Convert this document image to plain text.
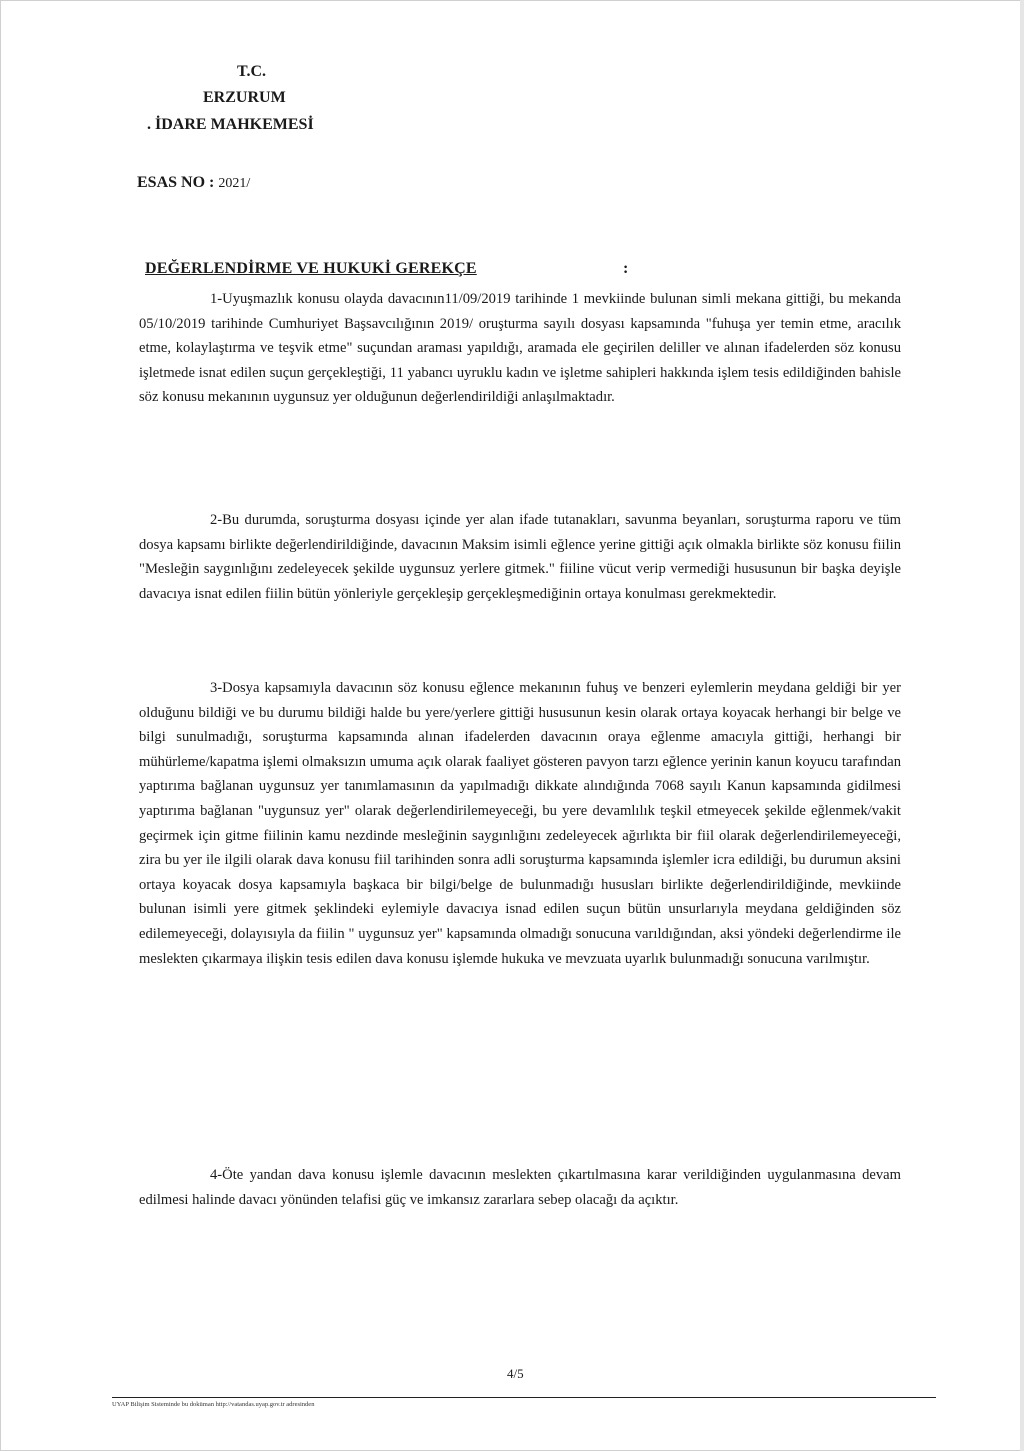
T.C.
ERZURUM
. İDARE MAHKEMESİ
ESAS NO : 2021/
DEĞERLENDİRME VE HUKUKİ GEREKÇE	:

1-Uyuşmazlık konusu olayda davacının11/09/2019 tarihinde 1 mevkiinde bulunan simli mekana gittiği, bu mekanda 05/10/2019 tarihinde Cumhuriyet Başsavcılığının 2019/ oruşturma sayılı dosyası kapsamında "fuhuşa yer temin etme, aracılık etme, kolaylaştırma ve teşvik etme" suçundan araması yapıldığı, aramada ele geçirilen deliller ve alınan ifadelerden söz konusu işletmede isnat edilen suçun gerçekleştiği, 11 yabancı uyruklu kadın ve işletme sahipleri hakkında işlem tesis edildiğinden bahisle söz konusu mekanının uygunsuz yer olduğunun değerlendirildiği anlaşılmaktadır.

2-Bu durumda, soruşturma dosyası içinde yer alan ifade tutanakları, savunma beyanları, soruşturma raporu ve tüm dosya kapsamı birlikte değerlendirildiğinde, davacının Maksim isimli eğlence yerine gittiği açık olmakla birlikte söz konusu fiilin "Mesleğin saygınlığını zedeleyecek şekilde uygunsuz yerlere gitmek." fiiline vücut verip vermediği hususunun bir başka deyişle davacıya isnat edilen fiilin bütün yönleriyle gerçekleşip gerçekleşmediğinin ortaya konulması gerekmektedir.

3-Dosya kapsamıyla davacının söz konusu eğlence mekanının fuhuş ve benzeri eylemlerin meydana geldiği bir yer olduğunu bildiği ve bu durumu bildiği halde bu yere/yerlere gittiği hususunun kesin olarak ortaya koyacak herhangi bir belge ve bilgi sunulmadığı, soruşturma kapsamında alınan ifadelerden davacının oraya eğlenme amacıyla gittiği, herhangi bir mühürleme/kapatma işlemi olmaksızın umuma açık olarak faaliyet gösteren pavyon tarzı eğlence yerinin kanun koyucu tarafından yaptırıma bağlanan uygunsuz yer tanımlamasının da yapılmadığı dikkate alındığında 7068 sayılı Kanun kapsamında gidilmesi yaptırıma bağlanan "uygunsuz yer" olarak değerlendirilemeyeceği, bu yere devamlılık teşkil etmeyecek şekilde eğlenmek/vakit geçirmek için gitme fiilinin kamu nezdinde mesleğinin saygınlığını zedeleyecek ağırlıkta bir fiil olarak değerlendirilemeyeceği, zira bu yer ile ilgili olarak dava konusu fiil tarihinden sonra adli soruşturma kapsamında işlemler icra edildiği, bu durumun aksini ortaya koyacak dosya kapsamıyla başkaca bir bilgi/belge de bulunmadığı hususları birlikte değerlendirildiğinde, mevkiinde bulunan isimli yere gitmek şeklindeki eylemiyle davacıya isnad edilen suçun bütün unsurlarıyla meydana geldiğinden söz edilemeyeceği, dolayısıyla da fiilin " uygunsuz yer" kapsamında olmadığı sonucuna varıldığından, aksi yöndeki değerlendirme ile meslekten çıkarmaya ilişkin tesis edilen dava konusu işlemde hukuka ve mevzuata uyarlık bulunmadığı sonucuna varılmıştır.

4-Öte yandan dava konusu işlemle davacının meslekten çıkartılmasına karar verildiğinden uygulanmasına devam edilmesi halinde davacı yönünden telafisi güç ve imkansız zararlara sebep olacağı da açıktır.

4/5
UYAP Bilişim Sisteminde bu doküman http://vatandas.uyap.gov.tr adresinden
